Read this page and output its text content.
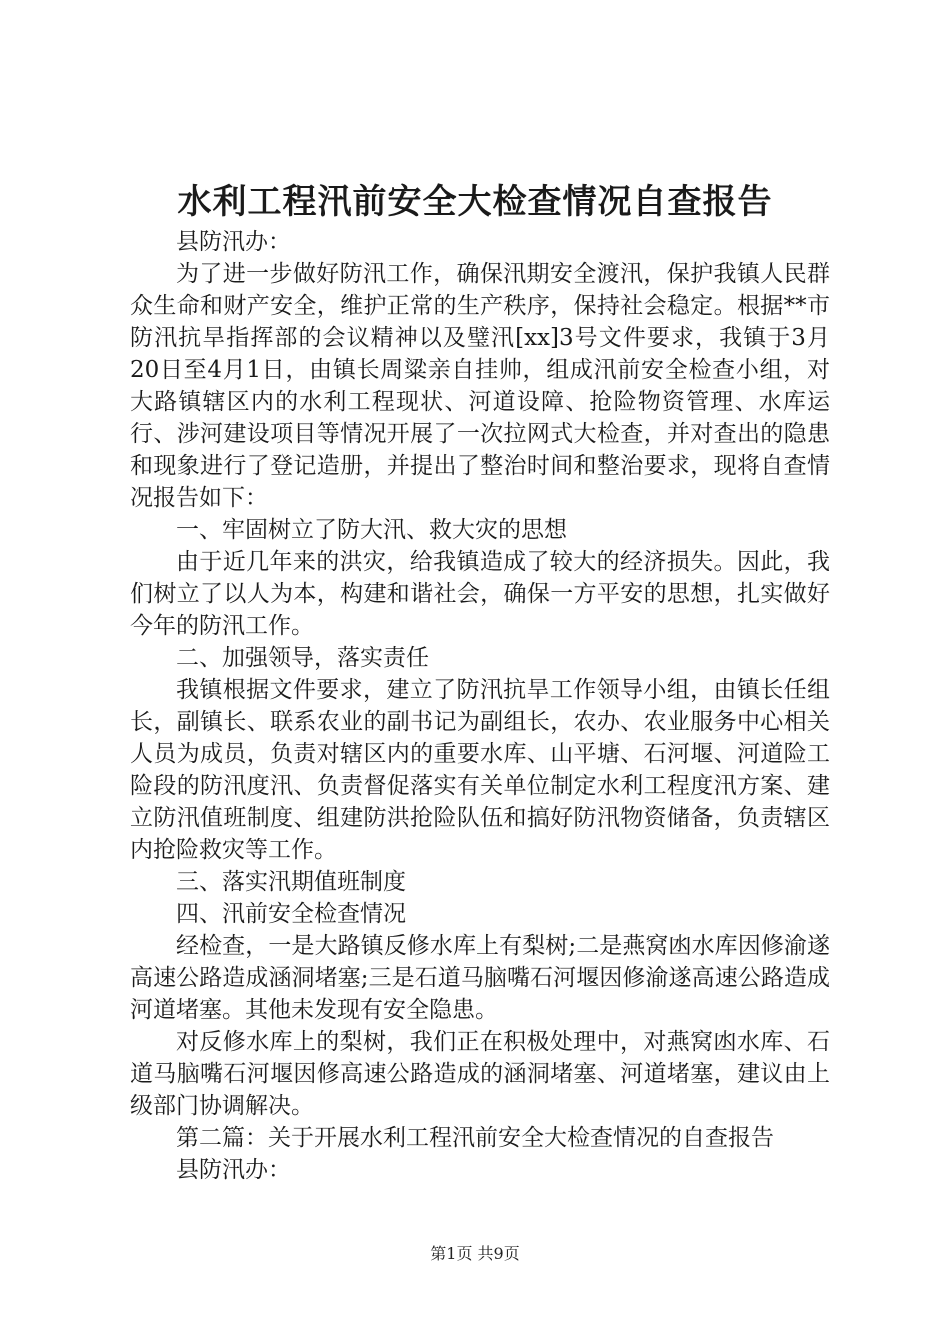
水利工程汛前安全大检查情况自查报告

县防汛办：

为了进一步做好防汛工作，确保汛期安全渡汛，保护我镇人民群众生命和财产安全，维护正常的生产秩序，保持社会稳定。根据**市防汛抗旱指挥部的会议精神以及璧汛[xx]3号文件要求，我镇于3月20日至4月1日，由镇长周粱亲自挂帅，组成汛前安全检查小组，对大路镇辖区内的水利工程现状、河道设障、抢险物资管理、水库运行、涉河建设项目等情况开展了一次拉网式大检查，并对查出的隐患和现象进行了登记造册，并提出了整治时间和整治要求，现将自查情况报告如下：

一、牢固树立了防大汛、救大灾的思想

由于近几年来的洪灾，给我镇造成了较大的经济损失。因此，我们树立了以人为本，构建和谐社会，确保一方平安的思想，扎实做好今年的防汛工作。

二、加强领导，落实责任

我镇根据文件要求，建立了防汛抗旱工作领导小组，由镇长任组长，副镇长、联系农业的副书记为副组长，农办、农业服务中心相关人员为成员，负责对辖区内的重要水库、山平塘、石河堰、河道险工险段的防汛度汛、负责督促落实有关单位制定水利工程度汛方案、建立防汛值班制度、组建防洪抢险队伍和搞好防汛物资储备，负责辖区内抢险救灾等工作。

三、落实汛期值班制度

四、汛前安全检查情况

经检查，一是大路镇反修水库上有梨树;二是燕窝凼水库因修渝遂高速公路造成涵洞堵塞;三是石道马脑嘴石河堰因修渝遂高速公路造成河道堵塞。其他未发现有安全隐患。

对反修水库上的梨树，我们正在积极处理中，对燕窝凼水库、石道马脑嘴石河堰因修高速公路造成的涵洞堵塞、河道堵塞，建议由上级部门协调解决。

第二篇：关于开展水利工程汛前安全大检查情况的自查报告

县防汛办：

第1页 共9页
